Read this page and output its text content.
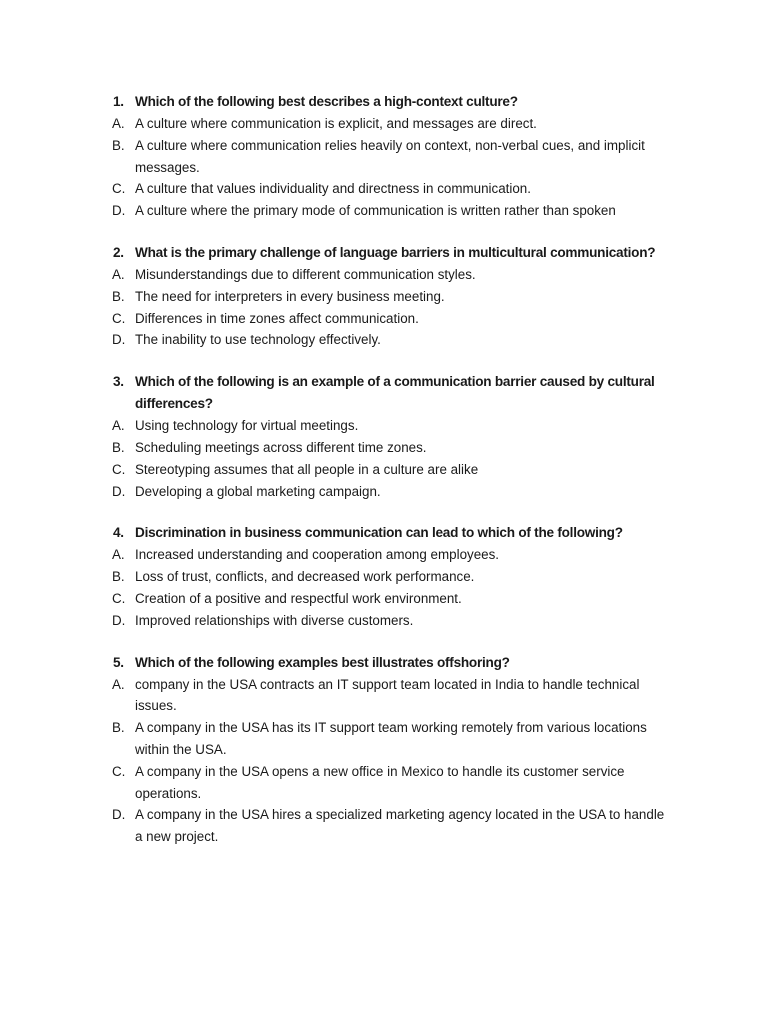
1. Which of the following best describes a high-context culture?
A. A culture where communication is explicit, and messages are direct.
B. A culture where communication relies heavily on context, non-verbal cues, and implicit messages.
C. A culture that values individuality and directness in communication.
D. A culture where the primary mode of communication is written rather than spoken
2. What is the primary challenge of language barriers in multicultural communication?
A. Misunderstandings due to different communication styles.
B. The need for interpreters in every business meeting.
C. Differences in time zones affect communication.
D. The inability to use technology effectively.
3. Which of the following is an example of a communication barrier caused by cultural differences?
A. Using technology for virtual meetings.
B. Scheduling meetings across different time zones.
C. Stereotyping assumes that all people in a culture are alike
D. Developing a global marketing campaign.
4. Discrimination in business communication can lead to which of the following?
A. Increased understanding and cooperation among employees.
B. Loss of trust, conflicts, and decreased work performance.
C. Creation of a positive and respectful work environment.
D. Improved relationships with diverse customers.
5. Which of the following examples best illustrates offshoring?
A. company in the USA contracts an IT support team located in India to handle technical issues.
B. A company in the USA has its IT support team working remotely from various locations within the USA.
C. A company in the USA opens a new office in Mexico to handle its customer service operations.
D. A company in the USA hires a specialized marketing agency located in the USA to handle a new project.
